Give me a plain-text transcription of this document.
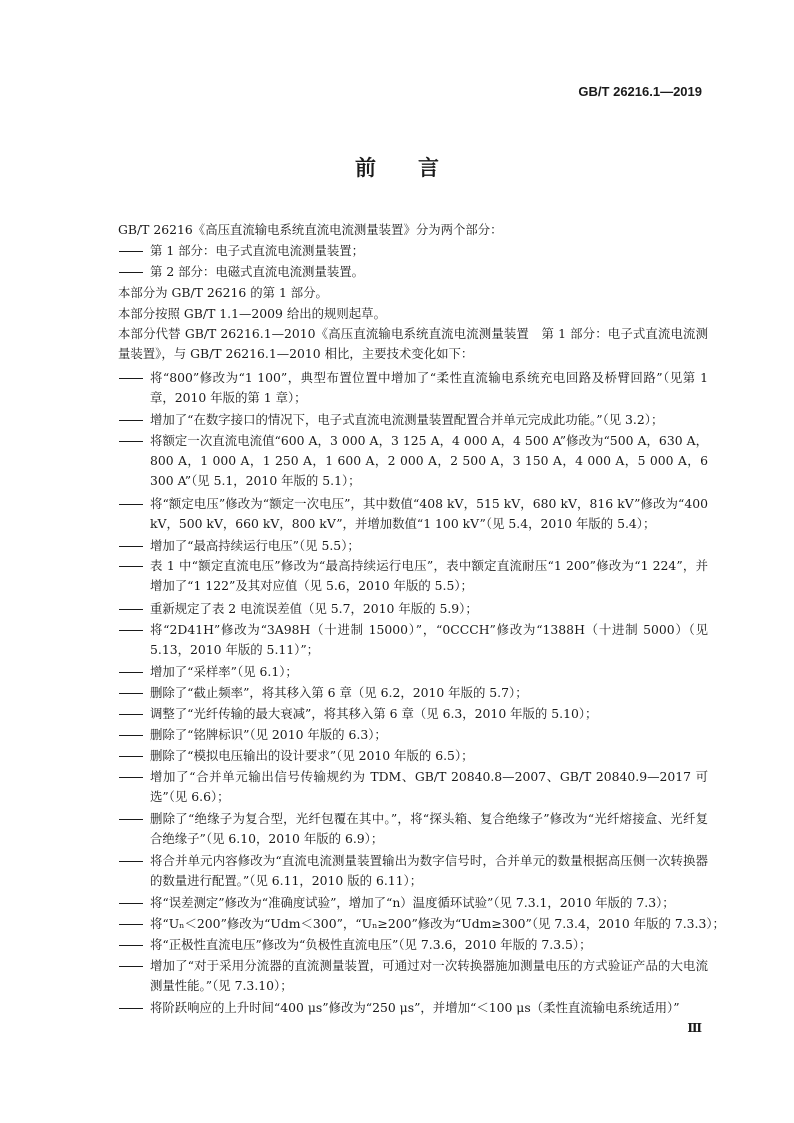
GB/T 26216.1—2019
前言
GB/T 26216《高压直流输电系统直流电流测量装置》分为两个部分：
第 1 部分：电子式直流电流测量装置；
第 2 部分：电磁式直流电流测量装置。
本部分为 GB/T 26216 的第 1 部分。
本部分按照 GB/T 1.1—2009 给出的规则起草。
本部分代替 GB/T 26216.1—2010《高压直流输电系统直流电流测量装置　第 1 部分：电子式直流电流测量装置》，与 GB/T 26216.1—2010 相比，主要技术变化如下：
将“800”修改为“1 100”，典型布置位置中增加了“柔性直流输电系统充电回路及桥臂回路”（见第 1 章，2010 年版的第 1 章）；
增加了“在数字接口的情况下，电子式直流电流测量装置配置合并单元完成此功能。”（见 3.2）；
将额定一次直流电流值“600 A，3 000 A，3 125 A，4 000 A，4 500 A”修改为“500 A，630 A，800 A，1 000 A，1 250 A，1 600 A，2 000 A，2 500 A，3 150 A，4 000 A，5 000 A，6 300 A”（见 5.1，2010 年版的 5.1）；
将“额定电压”修改为“额定一次电压”，其中数值“408 kV，515 kV，680 kV，816 kV”修改为“400 kV，500 kV，660 kV，800 kV”，并增加数值“1 100 kV”（见 5.4，2010 年版的 5.4）；
增加了“最高持续运行电压”（见 5.5）；
表 1 中“额定直流电压”修改为“最高持续运行电压”，表中额定直流耐压“1 200”修改为“1 224”，并增加了“1 122”及其对应值（见 5.6，2010 年版的 5.5）；
重新规定了表 2 电流误差值（见 5.7，2010 年版的 5.9）；
将“2D41H”修改为“3A98H（十进制 15000）”，“0CCCH”修改为“1388H（十进制 5000）（见 5.13，2010 年版的 5.11）”；
增加了“采样率”（见 6.1）；
删除了“截止频率”，将其移入第 6 章（见 6.2，2010 年版的 5.7）；
调整了“光纤传输的最大衰减”，将其移入第 6 章（见 6.3，2010 年版的 5.10）；
删除了“铭牌标识”（见 2010 年版的 6.3）；
删除了“模拟电压输出的设计要求”（见 2010 年版的 6.5）；
增加了“合并单元输出信号传输规约为 TDM、GB/T 20840.8—2007、GB/T 20840.9—2017 可选”（见 6.6）；
删除了“绝缘子为复合型，光纤包覆在其中。”，将“探头箱、复合绝缘子”修改为“光纤熔接盒、光纤复合绝缘子”（见 6.10，2010 年版的 6.9）；
将合并单元内容修改为“直流电流测量装置输出为数字信号时，合并单元的数量根据高压侧一次转换器的数量进行配置。”（见 6.11，2010 版的 6.11）；
将“误差测定”修改为“准确度试验”，增加了“n）温度循环试验”（见 7.3.1，2010 年版的 7.3）；
将“Uₙ＜200”修改为“Udm＜300”，“Uₙ≥200”修改为“Udm≥300”（见 7.3.4，2010 年版的 7.3.3）；
将“正极性直流电压”修改为“负极性直流电压”（见 7.3.6，2010 年版的 7.3.5）；
增加了“对于采用分流器的直流测量装置，可通过对一次转换器施加测量电压的方式验证产品的大电流测量性能。”（见 7.3.10）；
将阶跃响应的上升时间“400 μs”修改为“250 μs”，并增加“＜100 μs（柔性直流输电系统适用）”
Ⅲ
